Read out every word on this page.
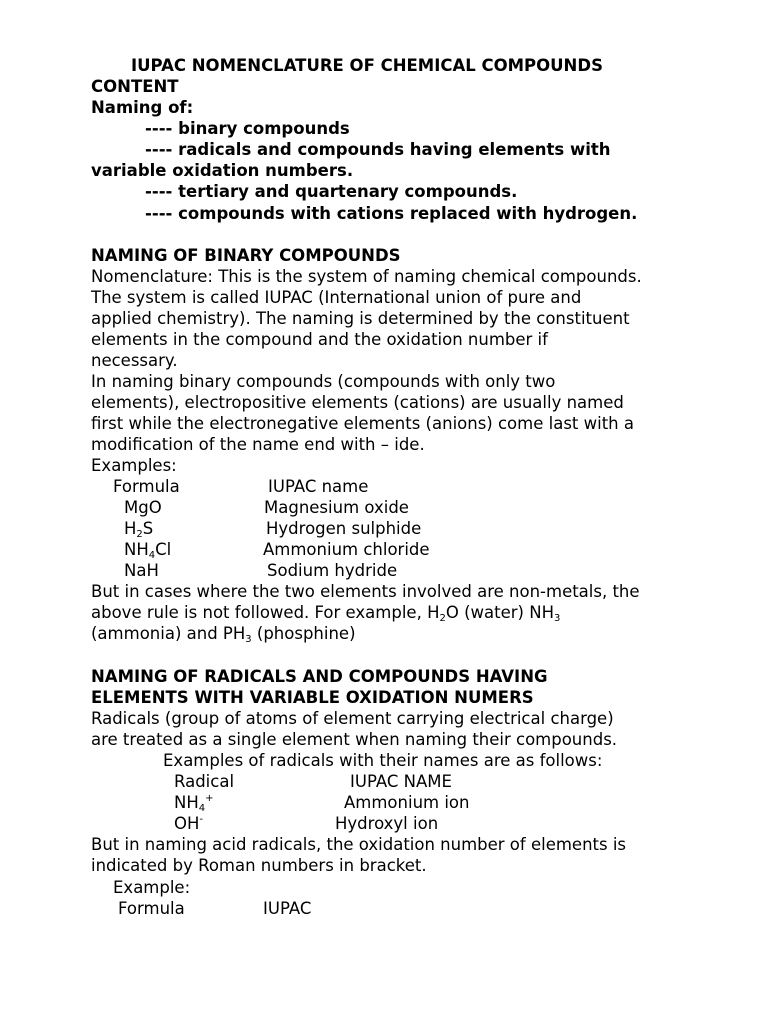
IUPAC NOMENCLATURE OF CHEMICAL COMPOUNDS
CONTENT
Naming of:
---- binary compounds
---- radicals and compounds having elements with
variable oxidation numbers.
---- tertiary and quartenary compounds.
---- compounds with cations replaced with hydrogen.
NAMING OF BINARY COMPOUNDS
Nomenclature: This is the system of naming chemical compounds.
The system is called IUPAC (International union of pure and
applied chemistry). The naming is determined by the constituent
elements in the compound and the oxidation number if
necessary.
In naming binary compounds (compounds with only two
elements), electropositive elements (cations) are usually named
first while the electronegative elements (anions) come last with a
modification of the name end with – ide.
Examples:
Formula	IUPAC name
MgO	Magnesium oxide
$H_2S$	Hydrogen sulphide
$NH_4Cl$	Ammonium chloride
NaH	Sodium hydride
But in cases where the two elements involved are non-metals, the
above rule is not followed. For example, $H_2O$ (water) $NH_3$
(ammonia) and $PH_3$ (phosphine)
NAMING OF RADICALS AND COMPOUNDS HAVING
ELEMENTS WITH VARIABLE OXIDATION NUMERS
Radicals (group of atoms of element carrying electrical charge)
are treated as a single element when naming their compounds.
Examples of radicals with their names are as follows:
Radical	IUPAC NAME
$NH_4^+$	Ammonium ion
OH-	Hydroxyl ion
But in naming acid radicals, the oxidation number of elements is
indicated by Roman numbers in bracket.
Example:
Formula	IUPAC
